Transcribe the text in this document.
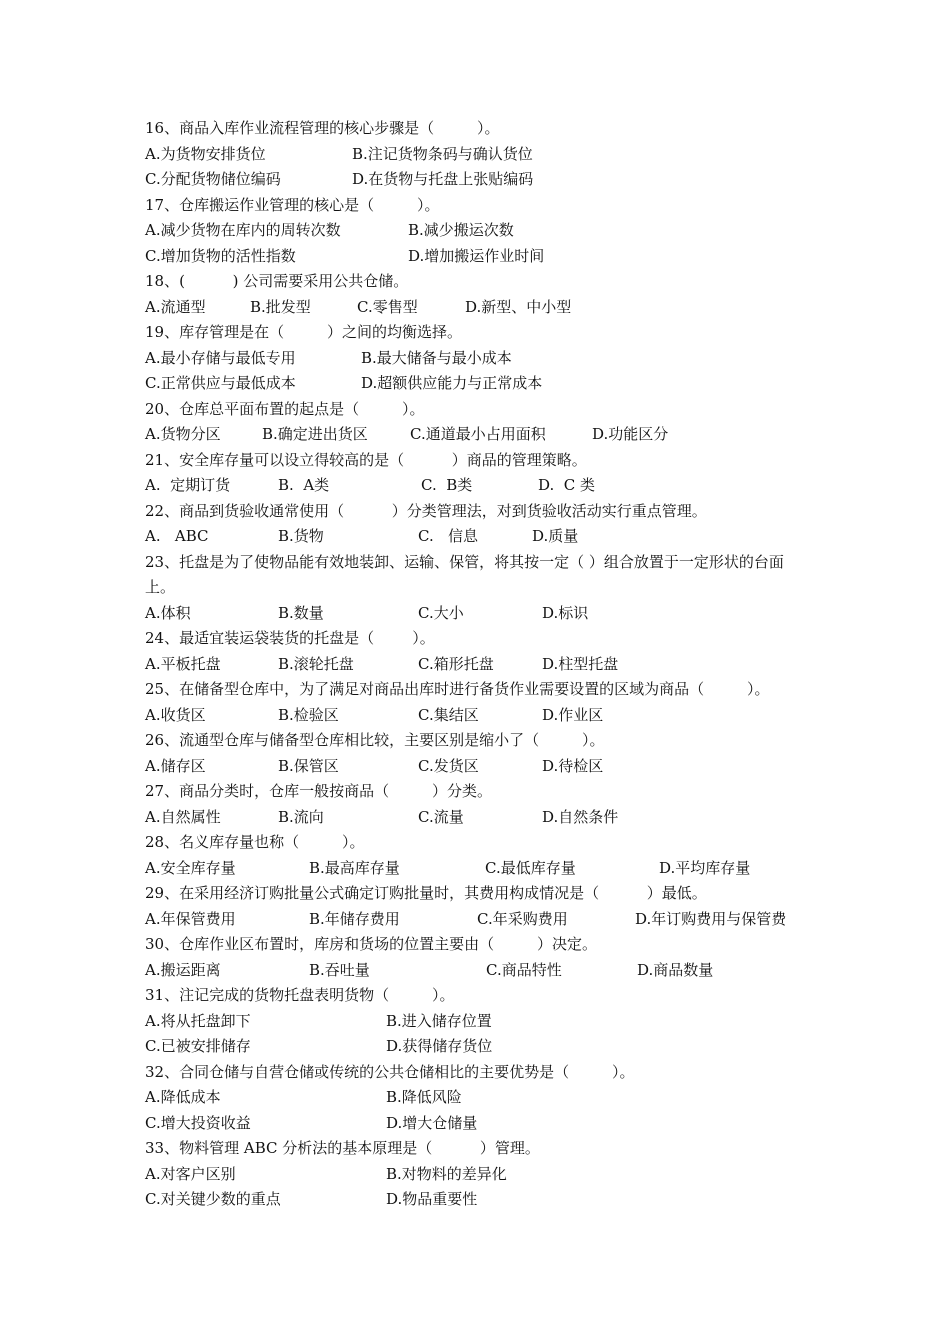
16、商品入库作业流程管理的核心步骤是（         ）。
A.为货物安排货位	B.注记货物条码与确认货位
C.分配货物储位编码	D.在货物与托盘上张贴编码
17、仓库搬运作业管理的核心是（         ）。
A.减少货物在库内的周转次数	B.减少搬运次数
C.增加货物的活性指数	D.增加搬运作业时间
18、(          ) 公司需要采用公共仓储。
A.流通型	B.批发型	C.零售型	D.新型、中小型
19、库存管理是在（         ）之间的均衡选择。
A.最小存储与最低专用	B.最大储备与最小成本
C.正常供应与最低成本	D.超额供应能力与正常成本
20、仓库总平面布置的起点是（         ）。
A.货物分区	B.确定进出货区	C.通道最小占用面积	D.功能区分
21、安全库存量可以设立得较高的是（          ）商品的管理策略。
A.  定期订货	B.  A类	C.  B类	D.  C 类
22、商品到货验收通常使用（          ）分类管理法，对到货验收活动实行重点管理。
A.   ABC	B.货物	C.   信息	D.质量
23、托盘是为了使物品能有效地装卸、运输、保管，将其按一定（ ）组合放置于一定形状的台面上。
A.体积	B.数量	C.大小	D.标识
24、最适宜装运袋装货的托盘是（        ）。
A.平板托盘	B.滚轮托盘	C.箱形托盘	D.柱型托盘
25、在储备型仓库中，为了满足对商品出库时进行备货作业需要设置的区域为商品（         ）。
A.收货区	B.检验区	C.集结区	D.作业区
26、流通型仓库与储备型仓库相比较，主要区别是缩小了（         ）。
A.储存区	B.保管区	C.发货区	D.待检区
27、商品分类时，仓库一般按商品（         ）分类。
A.自然属性	B.流向	C.流量	D.自然条件
28、名义库存量也称（         ）。
A.安全库存量	B.最高库存量	C.最低库存量	D.平均库存量
29、在采用经济订购批量公式确定订购批量时，其费用构成情况是（          ）最低。
A.年保管费用	B.年储存费用	C.年采购费用	D.年订购费用与保管费
30、仓库作业区布置时，库房和货场的位置主要由（         ）决定。
A.搬运距离	B.吞吐量	C.商品特性	D.商品数量
31、注记完成的货物托盘表明货物（         ）。
A.将从托盘卸下	B.进入储存位置
C.已被安排储存	D.获得储存货位
32、合同仓储与自营仓储或传统的公共仓储相比的主要优势是（         ）。
A.降低成本	B.降低风险
C.增大投资收益	D.增大仓储量
33、物料管理 ABC 分析法的基本原理是（          ）管理。
A.对客户区别	B.对物料的差异化
C.对关键少数的重点	D.物品重要性
